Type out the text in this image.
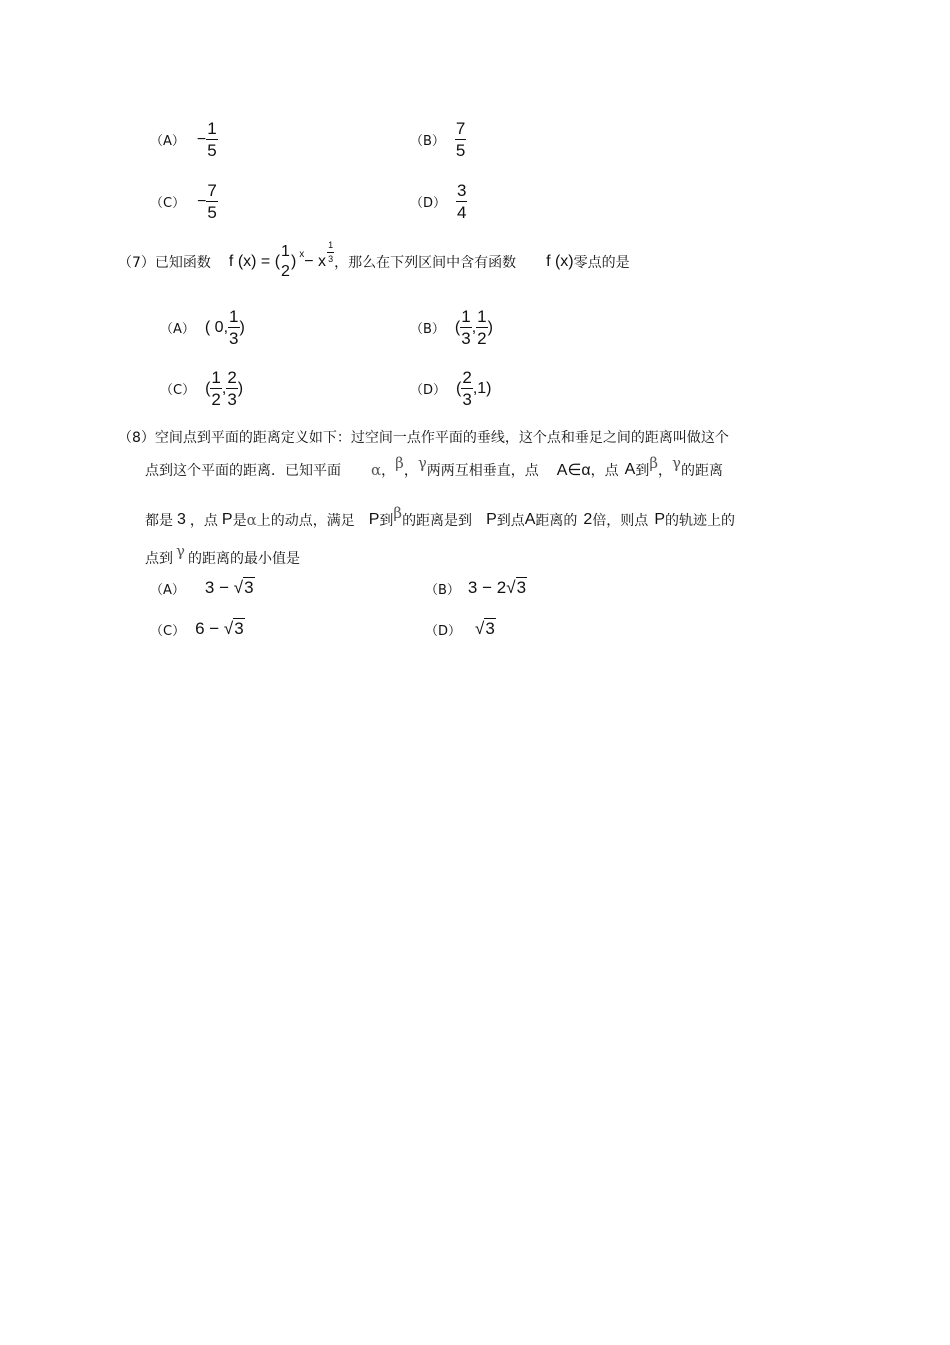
$(A) - \frac{1}{5}$	$(B) \frac{7}{5}$
$(C) - \frac{7}{5}$	$(D) \frac{3}{4}$
（7） 已知函数 f (x) = (
1
2
) x − x $\frac{1}{3}$ ，那么在下列区间中含有函数 f (x) 零点的是
（A） ( 0, $\frac{1}{3}$ )	（B） ( $\frac{1}{3}$ , $\frac{1}{2}$ )
（C） ( $\frac{1}{2}$ , $\frac{2}{3}$ )	（D） ( $\frac{2}{3} ,1$)
（8）空间点到平面的距离定义如下：过空间一点作平面的垂线，这个点和垂足之间的距离叫做这个
点到这个平面的距离．已知平面 α ， β ， γ 两两互相垂直，点 A∈α ，点 A 到 β ， γ 的距离
都是 3 ，点 P 是 α 上的动点，满足 P 到 β 的距离是到 P 到点 A 距离的 2 倍，则点 P 的轨迹上的
点到 γ 的距离的最小值是
（A） 3 − √3	（B） 3 − 2√3
（C） 6 − √3	（D） √3
